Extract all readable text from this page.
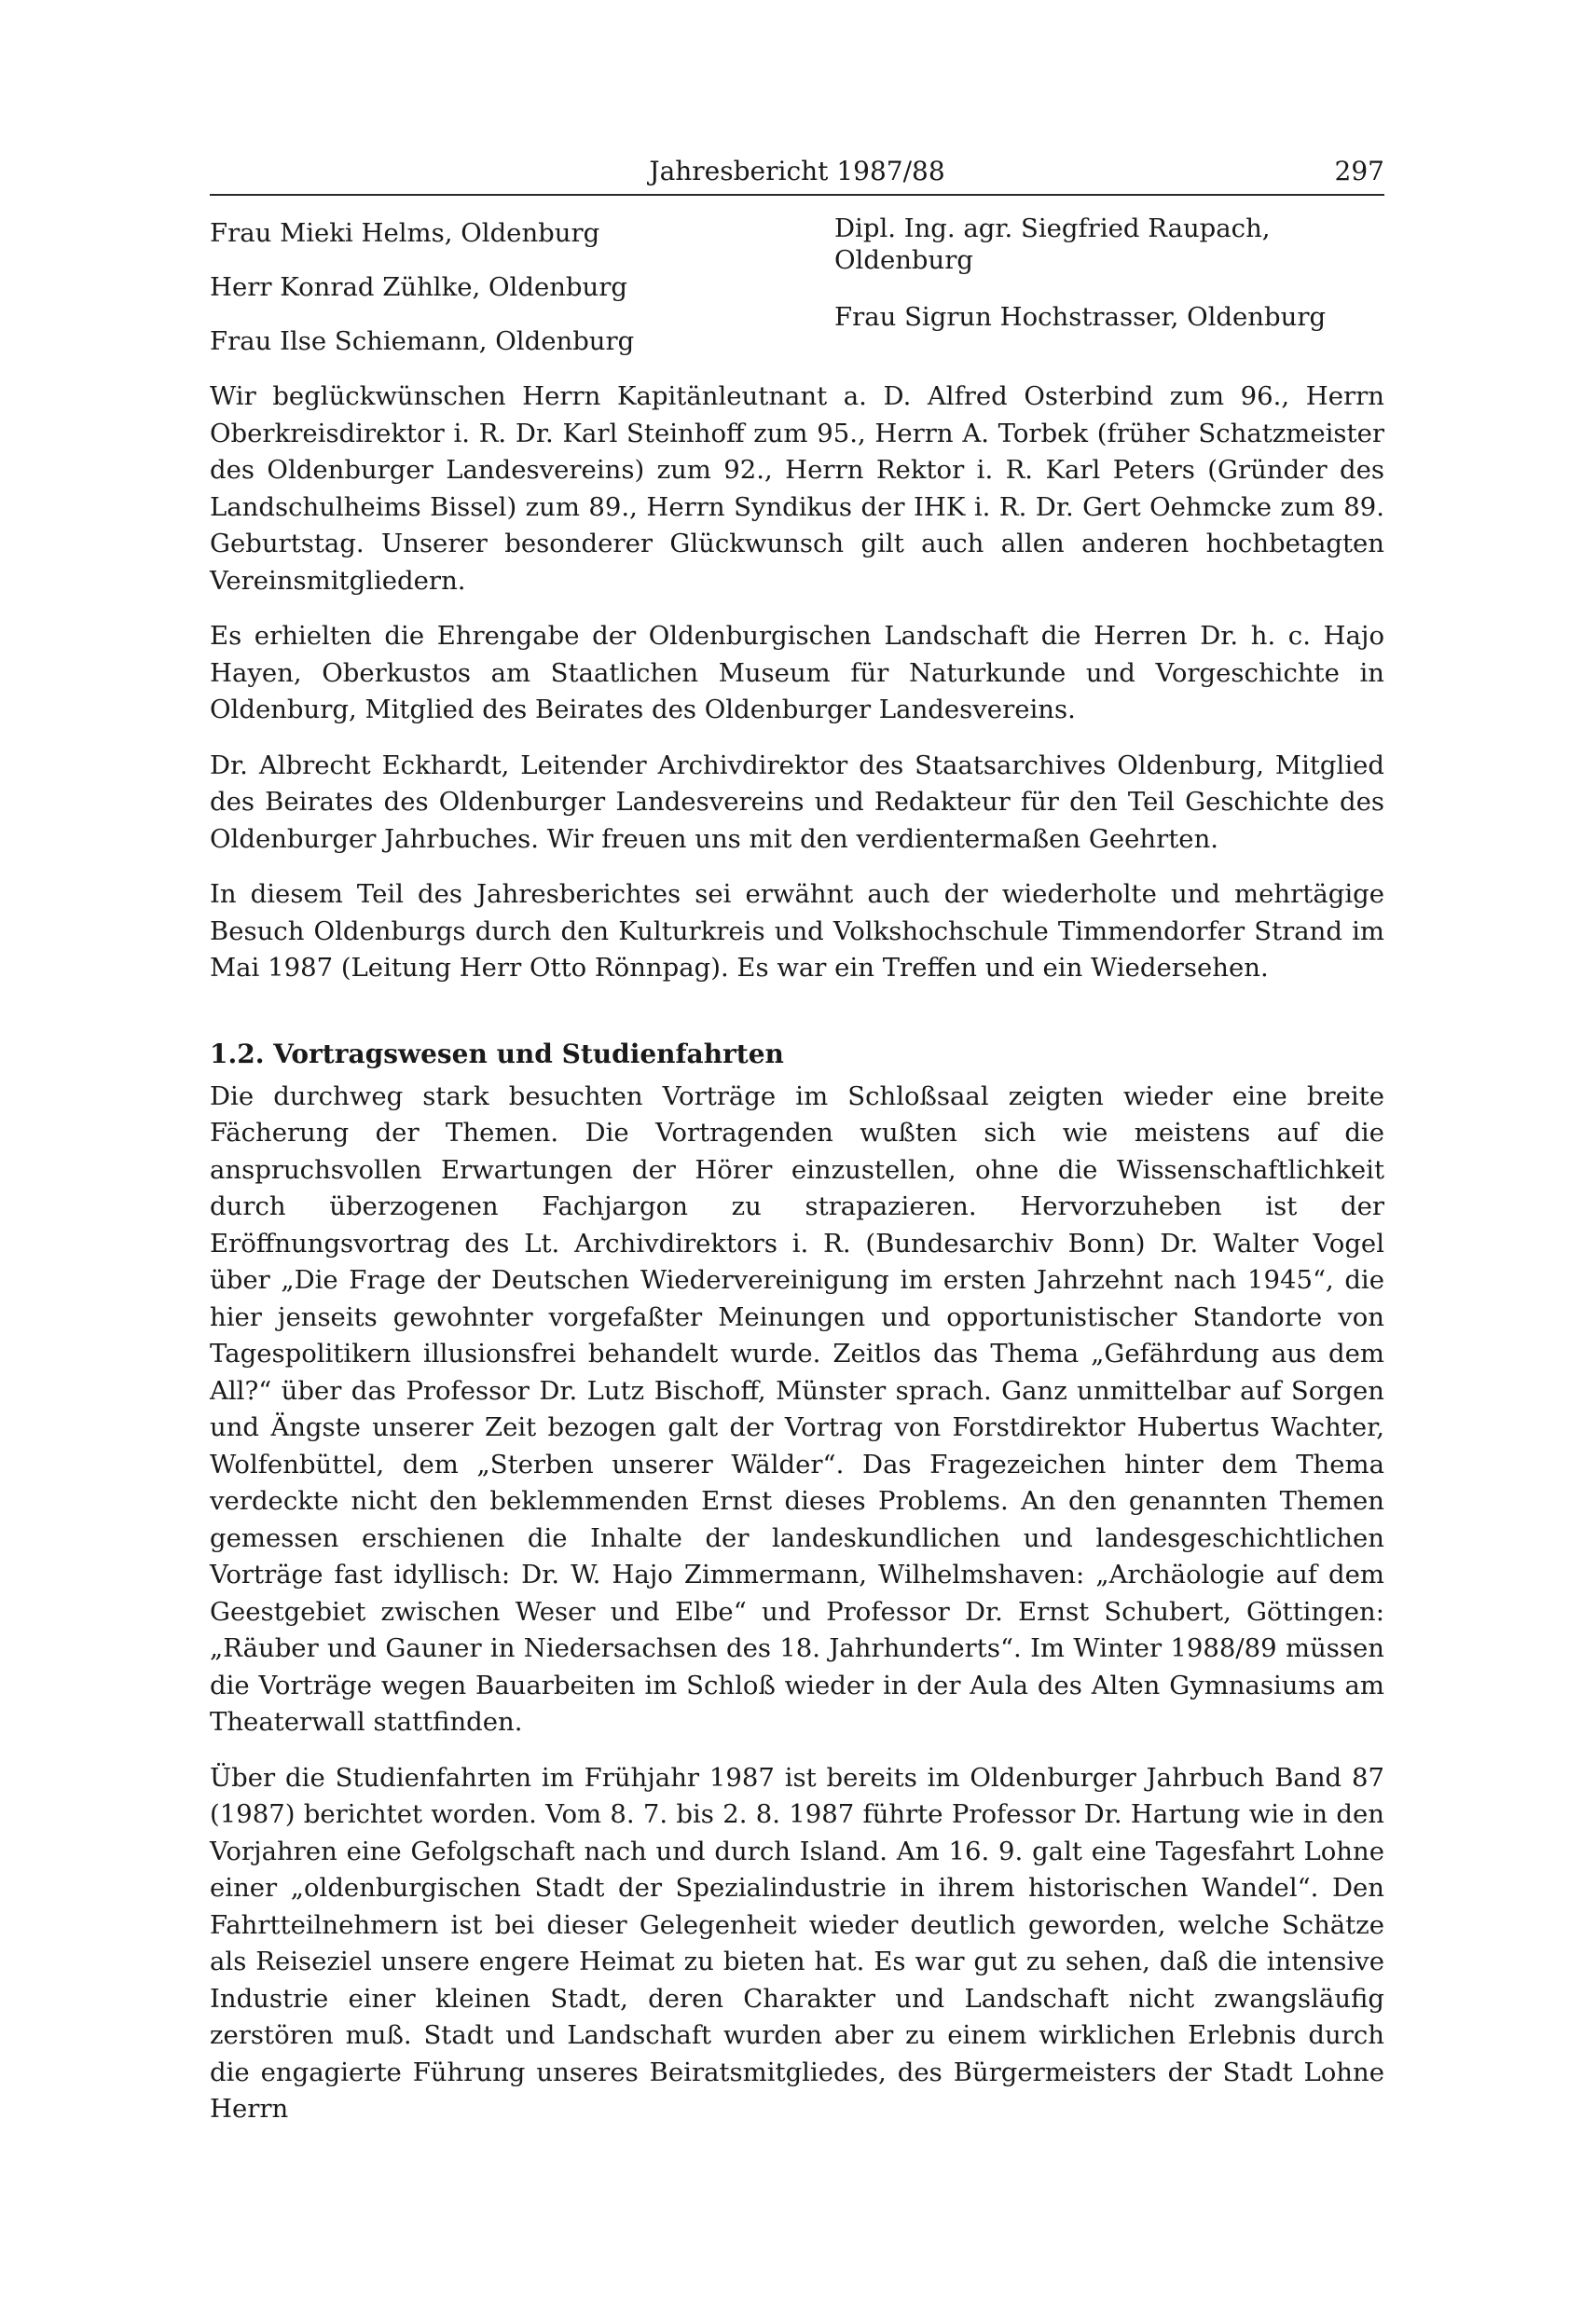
Jahresbericht 1987/88	297
Frau Mieki Helms, Oldenburg
Herr Konrad Zühlke, Oldenburg
Frau Ilse Schiemann, Oldenburg
Dipl. Ing. agr. Siegfried Raupach, Oldenburg
Frau Sigrun Hochstrasser, Oldenburg

Wir beglückwünschen Herrn Kapitänleutnant a. D. Alfred Osterbind zum 96., Herrn Oberkreisdirektor i. R. Dr. Karl Steinhoff zum 95., Herrn A. Torbek (früher Schatzmeister des Oldenburger Landesvereins) zum 92., Herrn Rektor i. R. Karl Peters (Gründer des Landschulheims Bissel) zum 89., Herrn Syndikus der IHK i. R. Dr. Gert Oehmcke zum 89. Geburtstag. Unserer besonderer Glückwunsch gilt auch allen anderen hochbetagten Vereinsmitgliedern.

Es erhielten die Ehrengabe der Oldenburgischen Landschaft die Herren Dr. h. c. Hajo Hayen, Oberkustos am Staatlichen Museum für Naturkunde und Vorgeschichte in Oldenburg, Mitglied des Beirates des Oldenburger Landesvereins.

Dr. Albrecht Eckhardt, Leitender Archivdirektor des Staatsarchives Oldenburg, Mitglied des Beirates des Oldenburger Landesvereins und Redakteur für den Teil Geschichte des Oldenburger Jahrbuches. Wir freuen uns mit den verdientermaßen Geehrten.

In diesem Teil des Jahresberichtes sei erwähnt auch der wiederholte und mehrtägige Besuch Oldenburgs durch den Kulturkreis und Volkshochschule Timmendorfer Strand im Mai 1987 (Leitung Herr Otto Rönnpag). Es war ein Treffen und ein Wiedersehen.

1.2. Vortragswesen und Studienfahrten

Die durchweg stark besuchten Vorträge im Schloßsaal zeigten wieder eine breite Fächerung der Themen. Die Vortragenden wußten sich wie meistens auf die anspruchsvollen Erwartungen der Hörer einzustellen, ohne die Wissenschaftlichkeit durch überzogenen Fachjargon zu strapazieren. Hervorzuheben ist der Eröffnungsvortrag des Lt. Archivdirektors i. R. (Bundesarchiv Bonn) Dr. Walter Vogel über „Die Frage der Deutschen Wiedervereinigung im ersten Jahrzehnt nach 1945“, die hier jenseits gewohnter vorgefaßter Meinungen und opportunistischer Standorte von Tagespolitikern illusionsfrei behandelt wurde. Zeitlos das Thema „Gefährdung aus dem All?“ über das Professor Dr. Lutz Bischoff, Münster sprach. Ganz unmittelbar auf Sorgen und Ängste unserer Zeit bezogen galt der Vortrag von Forstdirektor Hubertus Wachter, Wolfenbüttel, dem „Sterben unserer Wälder“. Das Fragezeichen hinter dem Thema verdeckte nicht den beklemmenden Ernst dieses Problems. An den genannten Themen gemessen erschienen die Inhalte der landeskundlichen und landesgeschichtlichen Vorträge fast idyllisch: Dr. W. Hajo Zimmermann, Wilhelmshaven: „Archäologie auf dem Geestgebiet zwischen Weser und Elbe“ und Professor Dr. Ernst Schubert, Göttingen: „Räuber und Gauner in Niedersachsen des 18. Jahrhunderts“. Im Winter 1988/89 müssen die Vorträge wegen Bauarbeiten im Schloß wieder in der Aula des Alten Gymnasiums am Theaterwall stattfinden.

Über die Studienfahrten im Frühjahr 1987 ist bereits im Oldenburger Jahrbuch Band 87 (1987) berichtet worden. Vom 8. 7. bis 2. 8. 1987 führte Professor Dr. Hartung wie in den Vorjahren eine Gefolgschaft nach und durch Island. Am 16. 9. galt eine Tagesfahrt Lohne einer „oldenburgischen Stadt der Spezialindustrie in ihrem historischen Wandel“. Den Fahrtteilnehmern ist bei dieser Gelegenheit wieder deutlich geworden, welche Schätze als Reiseziel unsere engere Heimat zu bieten hat. Es war gut zu sehen, daß die intensive Industrie einer kleinen Stadt, deren Charakter und Landschaft nicht zwangsläufig zerstören muß. Stadt und Landschaft wurden aber zu einem wirklichen Erlebnis durch die engagierte Führung unseres Beiratsmitgliedes, des Bürgermeisters der Stadt Lohne Herrn
